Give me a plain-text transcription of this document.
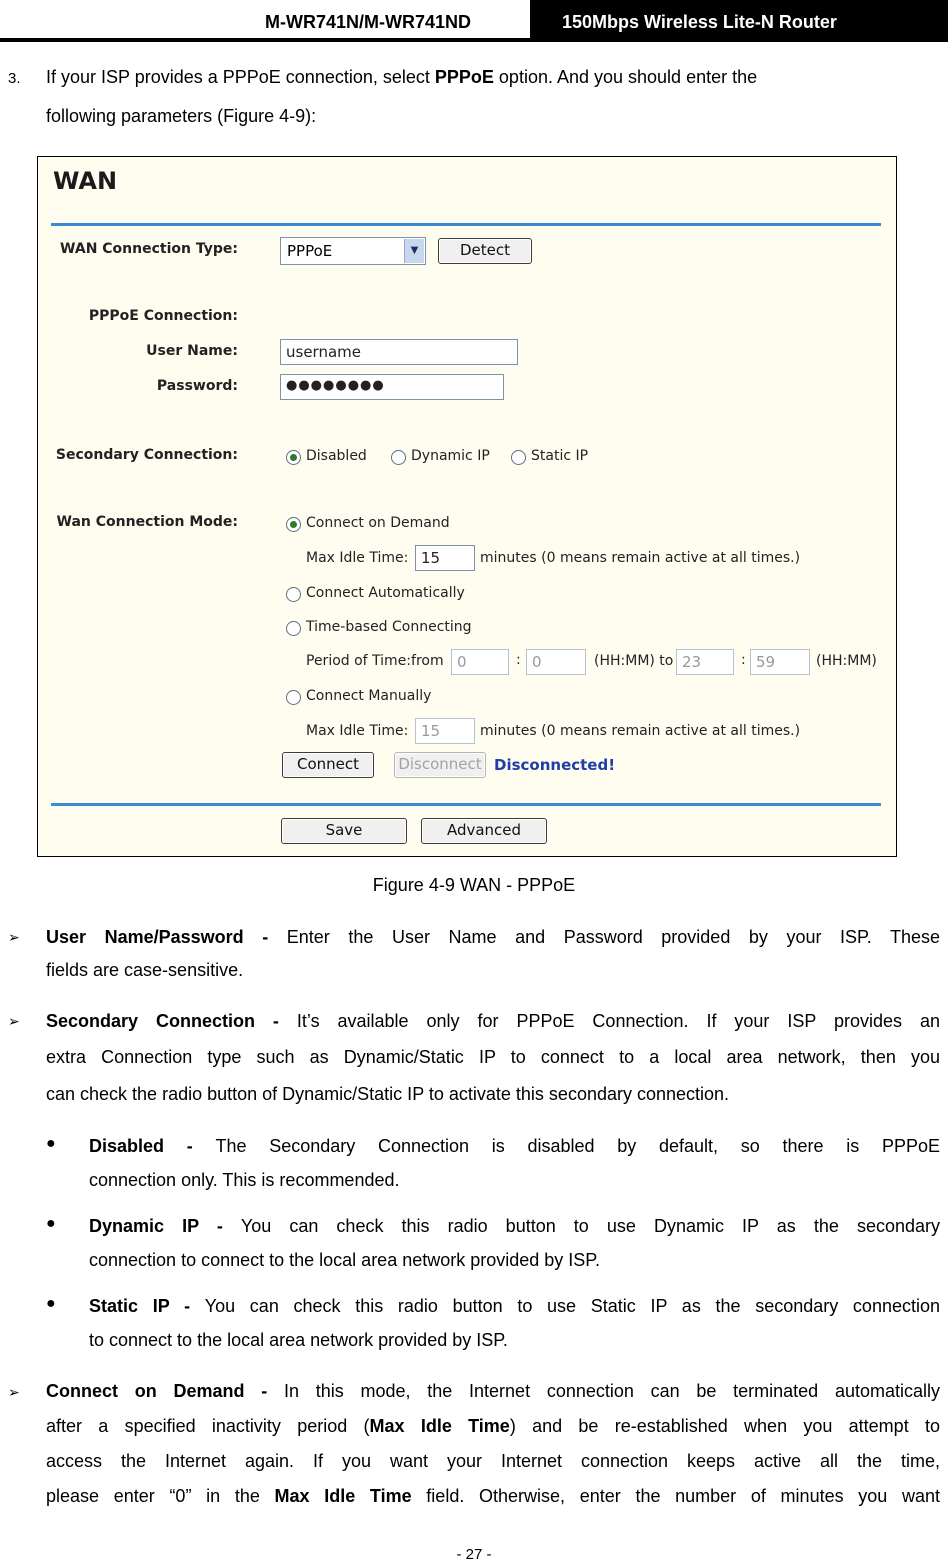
M-WR741N/M-WR741ND	150Mbps Wireless Lite-N Router
3. If your ISP provides a PPPoE connection, select PPPoE option. And you should enter the
following parameters (Figure 4-9):
WAN
WAN Connection Type:	PPPoE	▼	Detect
PPPoE Connection:
User Name:	username
Password:	●●●●●●●●
Secondary Connection:	Disabled	Dynamic IP	Static IP
Wan Connection Mode:	Connect on Demand
Max Idle Time: 15	minutes (0 means remain active at all times.)
Connect Automatically
Time-based Connecting
Period of Time:from 0	: 0	(HH:MM) to 23	: 59	(HH:MM)
Connect Manually
Max Idle Time: 15	minutes (0 means remain active at all times.)
Connect	Disconnect Disconnected!
Save	Advanced
Figure 4-9 WAN - PPPoE
➢ User Name/Password - Enter the User Name and Password provided by your ISP. These
fields are case-sensitive.
➢ Secondary Connection - It’s available only for PPPoE Connection. If your ISP provides an
extra Connection type such as Dynamic/Static IP to connect to a local area network, then you
can check the radio button of Dynamic/Static IP to activate this secondary connection.
● Disabled - The Secondary Connection is disabled by default, so there is PPPoE
connection only. This is recommended.
● Dynamic IP - You can check this radio button to use Dynamic IP as the secondary
connection to connect to the local area network provided by ISP.
● Static IP - You can check this radio button to use Static IP as the secondary connection
to connect to the local area network provided by ISP.
➢ Connect on Demand - In this mode, the Internet connection can be terminated automatically
after a specified inactivity period (Max Idle Time) and be re-established when you attempt to
access the Internet again. If you want your Internet connection keeps active all the time,
please enter “0” in the Max Idle Time field. Otherwise, enter the number of minutes you want
- 27 -
